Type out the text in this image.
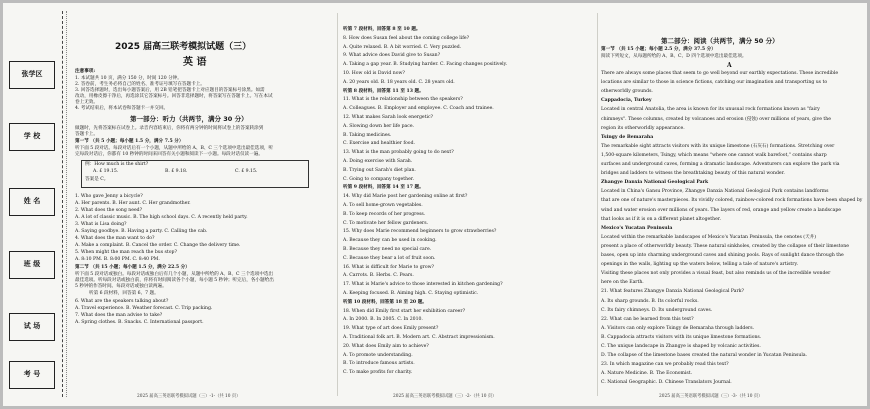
张学区
学 校
姓 名
班 级
试 场
考 号
2025 届高三联考模拟试题（三）
英 语
注意事项:
1. 本试题共 10 页，满分 150 分，时间 120 分钟。
2. 答卷前，考生务必将自己的姓名、准考证号填写在答题卡上。
3. 回答选择题时，选出每小题答案后，用 2B 铅笔把答题卡上对应题目的答案标号涂黑。如需
改动，用橡皮擦干净后，再选涂其它答案标号。回答非选择题时，将答案写在答题卡上。写在本试
卷上无效。
4. 考试结束后，将本试卷和答题卡一并交回。
第一部分：听力（共两节，满分 30 分）
做题时，先将答案标在试卷上。录音内容结束后，你将有两分钟的时间将试卷上的答案转涂到
答题卡上。
第一节 （共 5 小题；每小题 1.5 分，满分 7.5 分）
听下面 5 段对话。每段对话后有一个小题，从题中所给的 A、B、C 三个选项中选出最佳选项，听
完每段对话后，你都有 10 秒钟的时间来回答有关小题和阅读下一小题。每段对话仅读一遍。
例：How much is the shirt?
A. £ 19.15.	B. £ 9.18.	C. £ 9.15.
答案是 C。
1. Who gave Jenny a bicycle?
A. Her parents. B. Her aunt. C. Her grandmother.
2. What does the song need?
A. A lot of classic music. B. The high school days. C. A recently held party.
3. What is Lisa doing?
A. Saying goodbye. B. Having a party. C. Calling the cab.
4. What does the man want to do?
A. Make a complaint. B. Cancel the order. C. Change the delivery time.
5. When might the man reach the bus stop?
A. 8:10 PM. B. 8:00 PM. C. 8:40 PM.
第二节 （共 15 小题；每小题 1.5 分，满分 22.5 分）
听下面 5 段对话或独白。每段对话或独白后有几个小题，从题中所给的 A、B、C 三个选项中选出
最佳选项。听每段对话或独白前，你将有时间阅读各个小题，每小题 5 秒钟；听完后，各小题给出
5 秒钟的作答时间。每段对话或独白读两遍。
听第 6 段材料，回答第 6、7 题。
6. What are the speakers talking about?
A. Travel experience. B. Weather forecast. C. Trip packing.
7. What does the man advise to take?
A. Spring clothes. B. Snacks. C. International passport.
2025 届高三英语联考模拟试题（三）-1-（共 10 页）	2025 届高三英语联考模拟试题（三）-2-（共 10 页）
听第 7 段材料，回答第 8 至 10 题。
8. How does Susan feel about the coming college life?
A. Quite relaxed. B. A bit worried. C. Very puzzled.
9. What advice does David give to Susan?
A. Taking a gap year. B. Studying harder. C. Facing changes positively.
10. How old is David now?
A. 20 years old. B. 18 years old. C. 28 years old.
听第 8 段材料，回答第 11 至 13 题。
11. What is the relationship between the speakers?
A. Colleagues. B. Employer and employee. C. Coach and trainee.
12. What makes Sarah look energetic?
A. Slowing down her life pace.
B. Taking medicines.
C. Exercise and healthier food.
13. What is the man probably going to do next?
A. Doing exercise with Sarah.
B. Trying out Sarah's diet plan.
C. Going to company together.
听第 9 段材料，回答第 14 至 17 题。
14. Why did Marie post her gardening online at first?
A. To sell home-grown vegetables.
B. To keep records of her progress.
C. To motivate her fellow gardeners.
15. Why does Marie recommend beginners to grow strawberries?
A. Because they can be used in cooking.
B. Because they need no special care.
C. Because they bear a lot of fruit soon.
16. What is difficult for Marie to grow?
A. Carrots. B. Herbs. C. Pears.
17. What is Marie's advice to those interested in kitchen gardening?
A. Keeping focused. B. Aiming high. C. Staying optimistic.
听第 10 段材料，回答第 18 至 20 题。
18. When did Emily first start her exhibition career?
A. In 2000. B. In 2005. C. In 2010.
19. What type of art does Emily present?
A. Traditional folk art. B. Modern art. C. Abstract impressionism.
20. What does Emily aim to achieve?
A. To promote understanding.
B. To introduce famous artists.
C. To make profits for charity.
第二部分：阅读（共两节，满分 50 分）
第一节 （共 15 小题；每小题 2.5 分，满分 37.5 分）
阅读下列短文，从每题所给的 A、B、C、D 四个选项中选出最佳选项。
A
2025 届高三英语联考模拟试题（三）-3-（共 10 页）
There are always some places that seem to go well beyond our earthly expectations. These incredible
locations are similar to those in science fictions, catching our imagination and transporting us to
otherworldly grounds.
Cappadocia, Turkey
Located in central Anatolia, the area is known for its unusual rock formations known as "fairy
chimneys". These columns, created by volcanoes and erosion (侵蚀) over millions of years, give the
region its otherworldly appearance.
Tsingy de Bemaraha
The remarkable sight attracts visitors with its unique limestone (石灰石) formations. Stretching over
1,500-square kilometers, Tsingy, which means "where one cannot walk barefoot," contains sharp
surfaces and underground caves, forming a dramatic landscape. Adventurers can explore the park via
bridges and ladders to witness the breathtaking beauty of this natural wonder.
Zhangye Danxia National Geological Park
Located in China's Gansu Province, Zhangye Danxia National Geological Park contains landforms
that are one of nature's masterpieces. Its vividly colored, rainbow-colored rock formations have been shaped by
wind and water erosion over millions of years. The layers of red, orange and yellow create a landscape
that looks as if it is on a different planet altogether.
Mexico's Yucatan Peninsula
Located within the remarkable landscapes of Mexico's Yucatan Peninsula, the cenotes (天井)
present a place of otherworldly beauty. These natural sinkholes, created by the collapse of their limestone
bases, open up into charming underground caves and shining pools. Rays of sunlight dance through the
openings in the walls, lighting up the waters below, telling a tale of nature's artistry.
Visiting these places not only provides a visual feast, but also reminds us of the incredible wonder
here on the Earth.
21. What features Zhangye Danxia National Geological Park?
A. Its sharp grounds. B. Its colorful rocks.
C. Its fairy chimneys. D. Its underground caves.
22. What can be learned from this text?
A. Visitors can only explore Tsingy de Bemaraha through ladders.
B. Cappadocia attracts visitors with its unique limestone formations.
C. The unique landscape in Zhangye is shaped by volcanic activities.
D. The collapse of the limestone bases created the natural wonder in Yucatan Peninsula.
23. In which magazine can we probably read this text?
A. Nature Medicine. B. The Economist.
C. National Geographic. D. Chinese Translators Journal.
